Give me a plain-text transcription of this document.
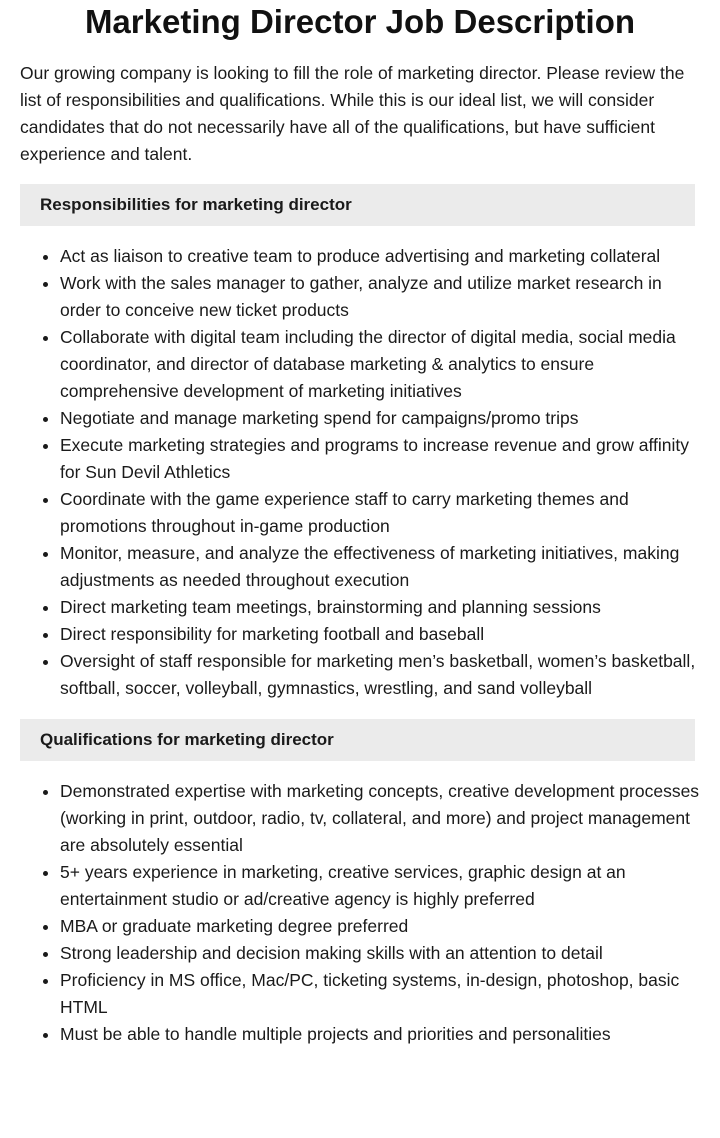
Marketing Director Job Description

Our growing company is looking to fill the role of marketing director. Please review the list of responsibilities and qualifications. While this is our ideal list, we will consider candidates that do not necessarily have all of the qualifications, but have sufficient experience and talent.

Responsibilities for marketing director
• Act as liaison to creative team to produce advertising and marketing collateral
• Work with the sales manager to gather, analyze and utilize market research in order to conceive new ticket products
• Collaborate with digital team including the director of digital media, social media coordinator, and director of database marketing & analytics to ensure comprehensive development of marketing initiatives
• Negotiate and manage marketing spend for campaigns/promo trips
• Execute marketing strategies and programs to increase revenue and grow affinity for Sun Devil Athletics
• Coordinate with the game experience staff to carry marketing themes and promotions throughout in-game production
• Monitor, measure, and analyze the effectiveness of marketing initiatives, making adjustments as needed throughout execution
• Direct marketing team meetings, brainstorming and planning sessions
• Direct responsibility for marketing football and baseball
• Oversight of staff responsible for marketing men’s basketball, women’s basketball, softball, soccer, volleyball, gymnastics, wrestling, and sand volleyball
Qualifications for marketing director
• Demonstrated expertise with marketing concepts, creative development processes (working in print, outdoor, radio, tv, collateral, and more) and project management are absolutely essential
• 5+ years experience in marketing, creative services, graphic design at an entertainment studio or ad/creative agency is highly preferred
• MBA or graduate marketing degree preferred
• Strong leadership and decision making skills with an attention to detail
• Proficiency in MS office, Mac/PC, ticketing systems, in-design, photoshop, basic HTML
• Must be able to handle multiple projects and priorities and personalities
